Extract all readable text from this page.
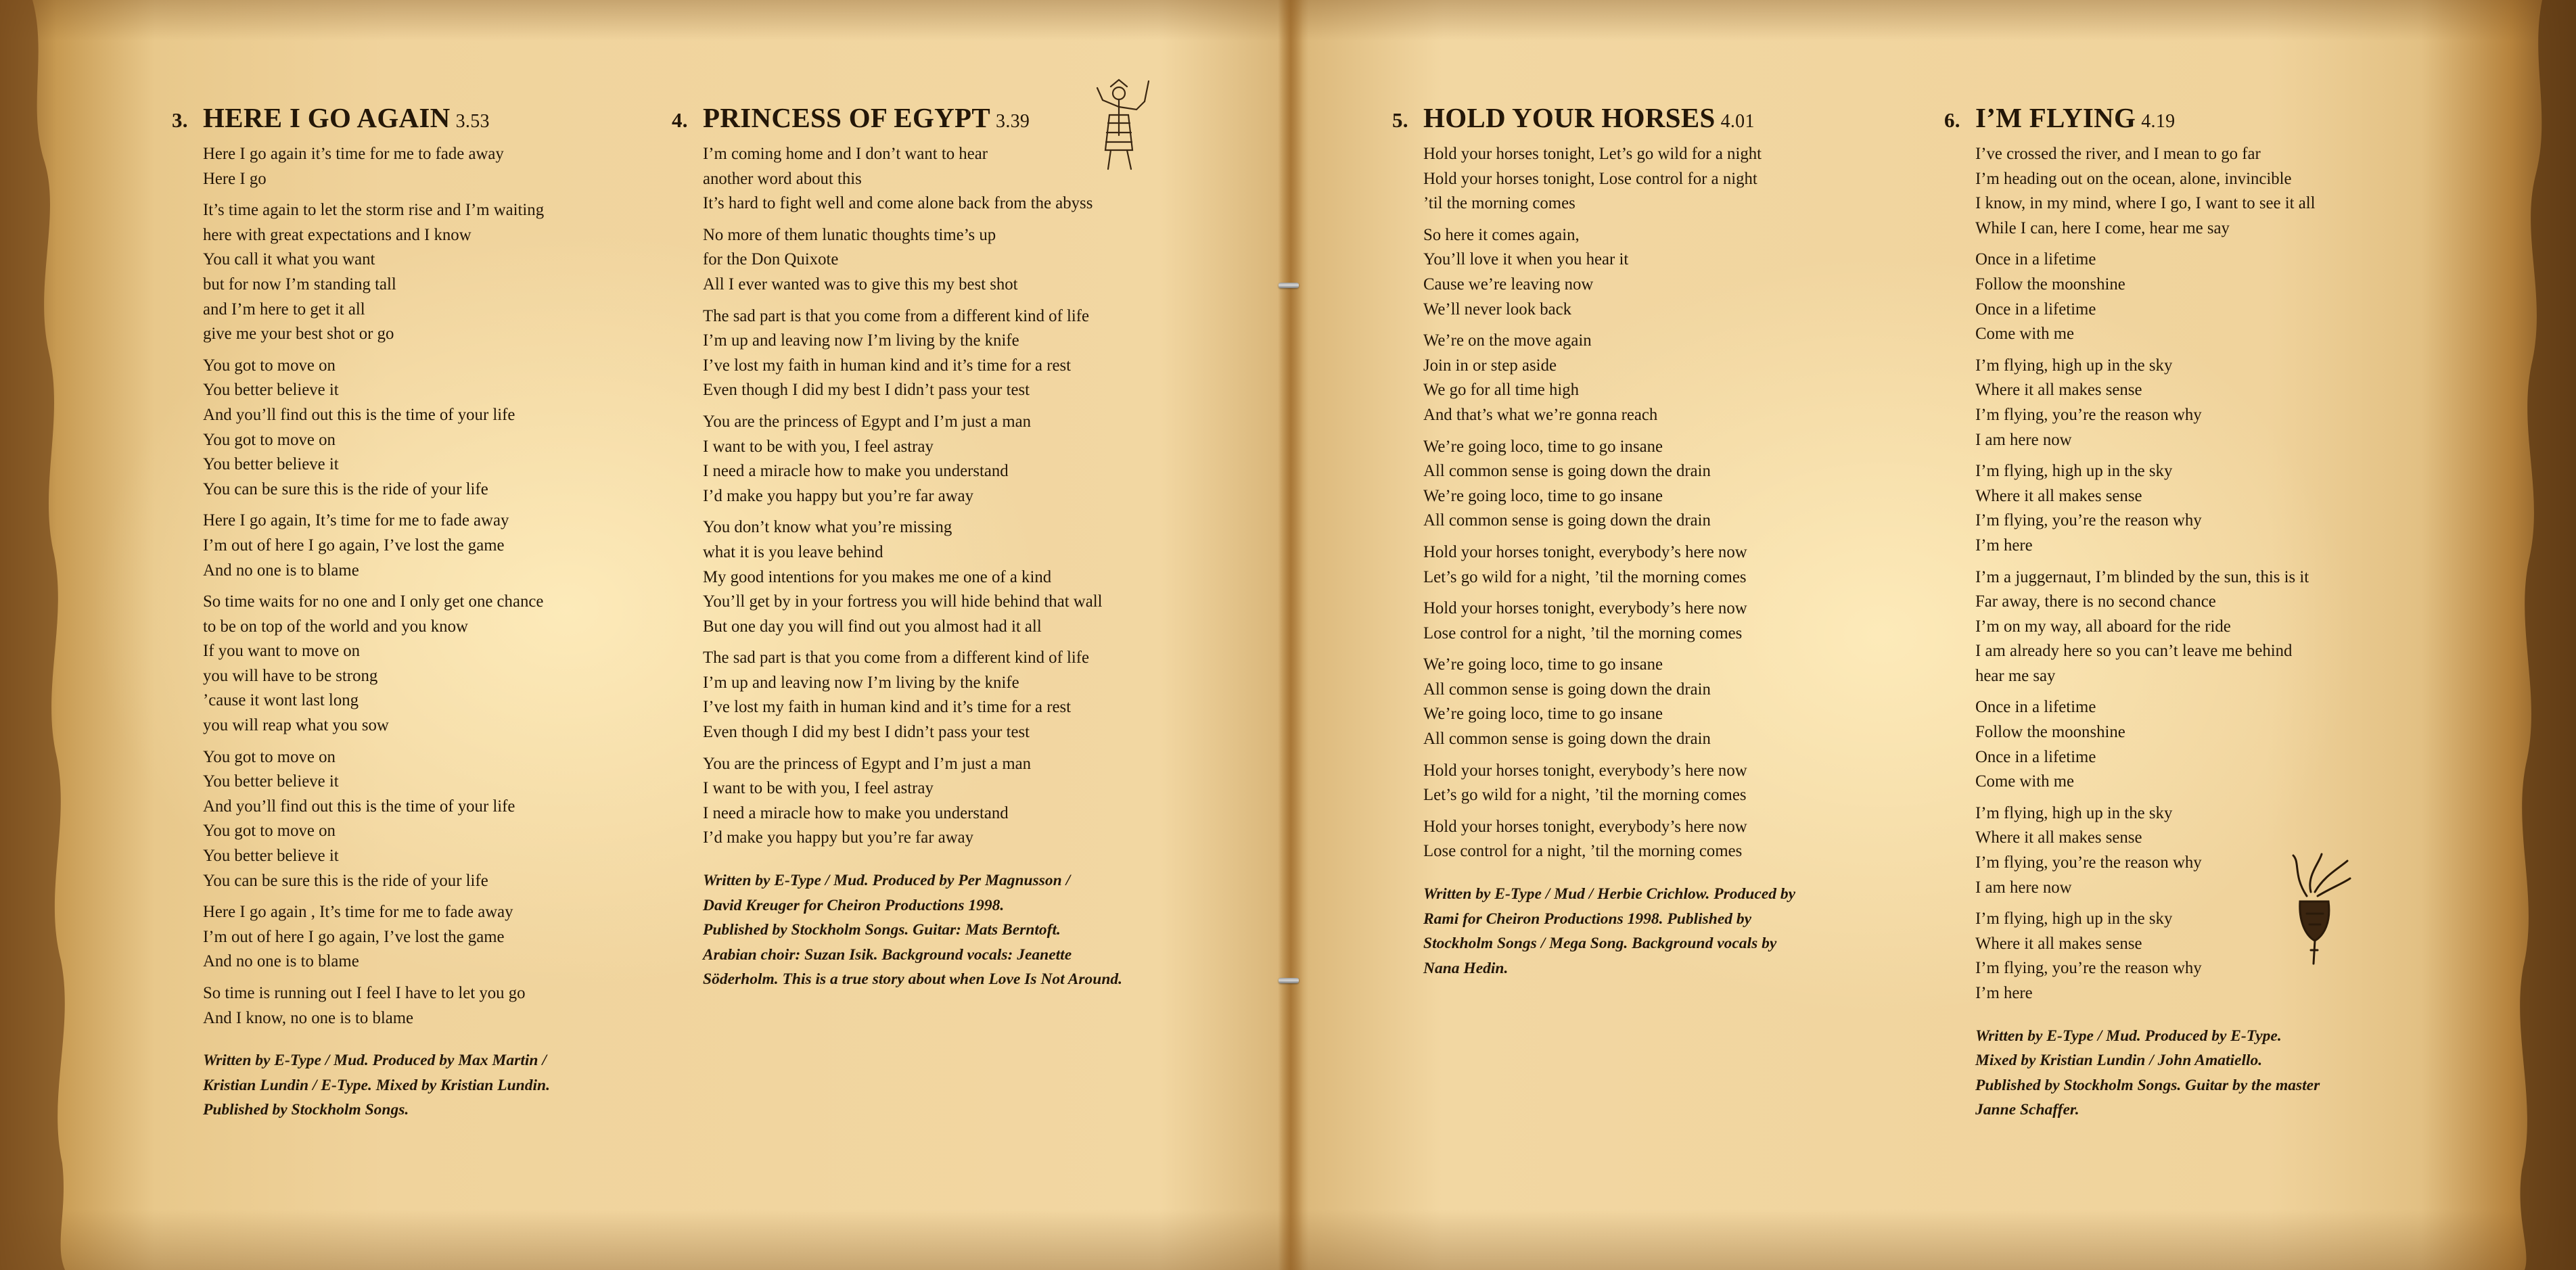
3. HERE I GO AGAIN 3.53
Here I go again it’s time for me to fade away
Here I go
It’s time again to let the storm rise and I’m waiting
here with great expectations and I know
You call it what you want
but for now I’m standing tall
and I’m here to get it all
give me your best shot or go
You got to move on
You better believe it
And you’ll find out this is the time of your life
You got to move on
You better believe it
You can be sure this is the ride of your life
Here I go again, It’s time for me to fade away
I’m out of here I go again, I’ve lost the game
And no one is to blame
So time waits for no one and I only get one chance
to be on top of the world and you know
If you want to move on
you will have to be strong
’cause it wont last long
you will reap what you sow
You got to move on
You better believe it
And you’ll find out this is the time of your life
You got to move on
You better believe it
You can be sure this is the ride of your life
Here I go again , It’s time for me to fade away
I’m out of here I go again, I’ve lost the game
And no one is to blame
So time is running out I feel I have to let you go
And I know, no one is to blame
Written by E-Type / Mud. Produced by Max Martin /
Kristian Lundin / E-Type. Mixed by Kristian Lundin.
Published by Stockholm Songs.
4. PRINCESS OF EGYPT 3.39
I’m coming home and I don’t want to hear
another word about this
It’s hard to fight well and come alone back from the abyss
No more of them lunatic thoughts time’s up
for the Don Quixote
All I ever wanted was to give this my best shot
The sad part is that you come from a different kind of life
I’m up and leaving now I’m living by the knife
I’ve lost my faith in human kind and it’s time for a rest
Even though I did my best I didn’t pass your test
You are the princess of Egypt and I’m just a man
I want to be with you, I feel astray
I need a miracle how to make you understand
I’d make you happy but you’re far away
You don’t know what you’re missing
what it is you leave behind
My good intentions for you makes me one of a kind
You’ll get by in your fortress you will hide behind that wall
But one day you will find out you almost had it all
The sad part is that you come from a different kind of life
I’m up and leaving now I’m living by the knife
I’ve lost my faith in human kind and it’s time for a rest
Even though I did my best I didn’t pass your test
You are the princess of Egypt and I’m just a man
I want to be with you, I feel astray
I need a miracle how to make you understand
I’d make you happy but you’re far away
Written by E-Type / Mud. Produced by Per Magnusson /
David Kreuger for Cheiron Productions 1998.
Published by Stockholm Songs. Guitar: Mats Berntoft.
Arabian choir: Suzan Isik. Background vocals: Jeanette
Söderholm. This is a true story about when Love Is Not Around.
5. HOLD YOUR HORSES 4.01
Hold your horses tonight, Let’s go wild for a night
Hold your horses tonight, Lose control for a night
’til the morning comes
So here it comes again,
You’ll love it when you hear it
Cause we’re leaving now
We’ll never look back
We’re on the move again
Join in or step aside
We go for all time high
And that’s what we’re gonna reach
We’re going loco, time to go insane
All common sense is going down the drain
We’re going loco, time to go insane
All common sense is going down the drain
Hold your horses tonight, everybody’s here now
Let’s go wild for a night, ’til the morning comes
Hold your horses tonight, everybody’s here now
Lose control for a night, ’til the morning comes
We’re going loco, time to go insane
All common sense is going down the drain
We’re going loco, time to go insane
All common sense is going down the drain
Hold your horses tonight, everybody’s here now
Let’s go wild for a night, ’til the morning comes
Hold your horses tonight, everybody’s here now
Lose control for a night, ’til the morning comes
Written by E-Type / Mud / Herbie Crichlow. Produced by
Rami for Cheiron Productions 1998. Published by
Stockholm Songs / Mega Song. Background vocals by
Nana Hedin.
6. I’M FLYING 4.19
I’ve crossed the river, and I mean to go far
I’m heading out on the ocean, alone, invincible
I know, in my mind, where I go, I want to see it all
While I can, here I come, hear me say
Once in a lifetime
Follow the moonshine
Once in a lifetime
Come with me
I’m flying, high up in the sky
Where it all makes sense
I’m flying, you’re the reason why
I am here now
I’m flying, high up in the sky
Where it all makes sense
I’m flying, you’re the reason why
I’m here
I’m a juggernaut, I’m blinded by the sun, this is it
Far away, there is no second chance
I’m on my way, all aboard for the ride
I am already here so you can’t leave me behind
hear me say
Once in a lifetime
Follow the moonshine
Once in a lifetime
Come with me
I’m flying, high up in the sky
Where it all makes sense
I’m flying, you’re the reason why
I am here now
I’m flying, high up in the sky
Where it all makes sense
I’m flying, you’re the reason why
I’m here
Written by E-Type / Mud. Produced by E-Type.
Mixed by Kristian Lundin / John Amatiello.
Published by Stockholm Songs. Guitar by the master
Janne Schaffer.
